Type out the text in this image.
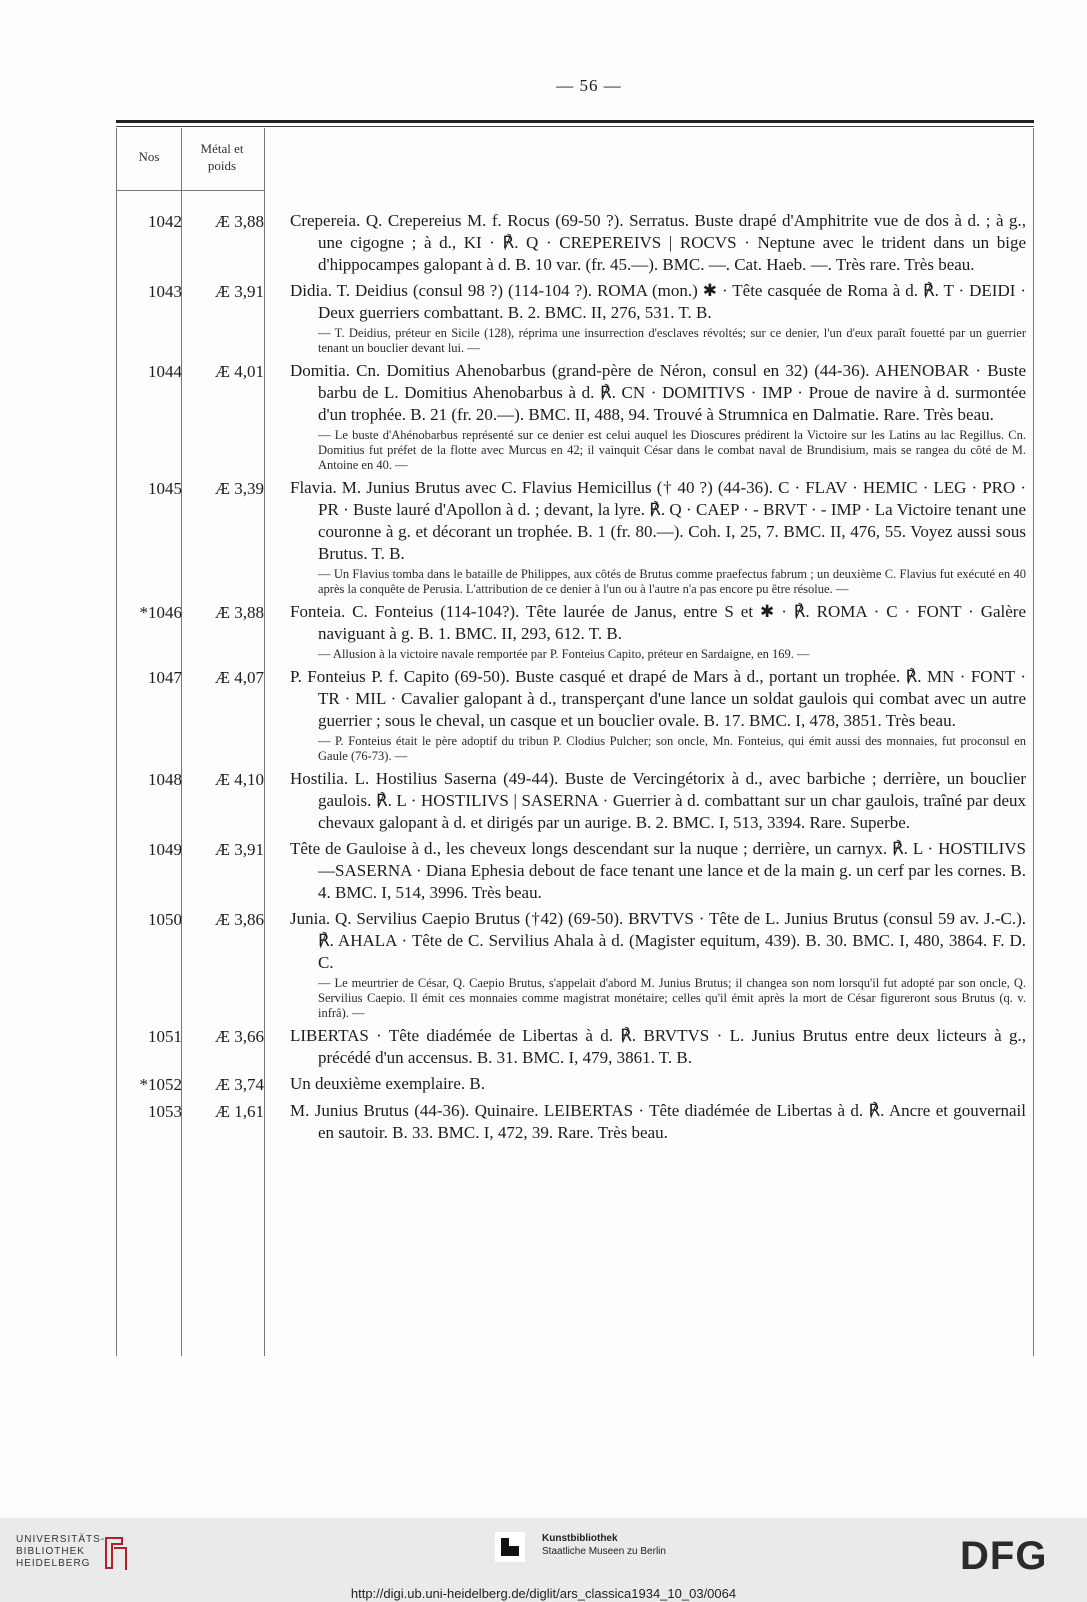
— 56 —
Nos
Métal et poids
1042	Æ 3,88	Crepereia. Q. Crepereius M. f. Rocus (69-50 ?). Serratus. Buste drapé d'Amphitrite vue de dos à d. ; à g., une cigogne ; à d., KI · ℟. Q · CREPEREIVS | ROCVS · Neptune avec le trident dans un bige d'hippocampes galopant à d. B. 10 var. (fr. 45.—). BMC. —. Cat. Haeb. —. Très rare. Très beau.
1043	Æ 3,91	Didia. T. Deidius (consul 98 ?) (114-104 ?). ROMA (mon.) ✱ · Tête casquée de Roma à d. ℟. T · DEIDI · Deux guerriers combattant. B. 2. BMC. II, 276, 531. T. B.
— T. Deidius, préteur en Sicile (128), réprima une insurrection d'esclaves révoltés; sur ce denier, l'un d'eux paraît fouetté par un guerrier tenant un bouclier devant lui. —
1044	Æ 4,01	Domitia. Cn. Domitius Ahenobarbus (grand-père de Néron, consul en 32) (44-36). AHENOBAR · Buste barbu de L. Domitius Ahenobarbus à d. ℟. CN · DOMITIVS · IMP · Proue de navire à d. surmontée d'un trophée. B. 21 (fr. 20.—). BMC. II, 488, 94. Trouvé à Strumnica en Dalmatie. Rare. Très beau.
— Le buste d'Ahénobarbus représenté sur ce denier est celui auquel les Dioscures prédirent la Victoire sur les Latins au lac Regillus. Cn. Domitius fut préfet de la flotte avec Murcus en 42; il vainquit César dans le combat naval de Brundisium, mais se rangea du côté de M. Antoine en 40. —
1045	Æ 3,39	Flavia. M. Junius Brutus avec C. Flavius Hemicillus († 40 ?) (44-36). C · FLAV · HEMIC · LEG · PRO · PR · Buste lauré d'Apollon à d. ; devant, la lyre. ℟. Q · CAEP · - BRVT · - IMP · La Victoire tenant une couronne à g. et décorant un trophée. B. 1 (fr. 80.—). Coh. I, 25, 7. BMC. II, 476, 55. Voyez aussi sous Brutus. T. B.
— Un Flavius tomba dans le bataille de Philippes, aux côtés de Brutus comme praefectus fabrum ; un deuxième C. Flavius fut exécuté en 40 après la conquête de Perusia. L'attribution de ce denier à l'un ou à l'autre n'a pas encore pu être résolue. —
*1046	Æ 3,88	Fonteia. C. Fonteius (114-104?). Tête laurée de Janus, entre S et ✱ · ℟. ROMA · C · FONT · Galère naviguant à g. B. 1. BMC. II, 293, 612. T. B.
— Allusion à la victoire navale remportée par P. Fonteius Capito, préteur en Sardaigne, en 169. —
1047	Æ 4,07	P. Fonteius P. f. Capito (69-50). Buste casqué et drapé de Mars à d., portant un trophée. ℟. MN · FONT · TR · MIL · Cavalier galopant à d., transperçant d'une lance un soldat gaulois qui combat avec un autre guerrier ; sous le cheval, un casque et un bouclier ovale. B. 17. BMC. I, 478, 3851. Très beau.
— P. Fonteius était le père adoptif du tribun P. Clodius Pulcher; son oncle, Mn. Fonteius, qui émit aussi des monnaies, fut proconsul en Gaule (76-73). —
1048	Æ 4,10	Hostilia. L. Hostilius Saserna (49-44). Buste de Vercingétorix à d., avec barbiche ; derrière, un bouclier gaulois. ℟. L · HOSTILIVS | SASERNA · Guerrier à d. combattant sur un char gaulois, traîné par deux chevaux galopant à d. et dirigés par un aurige. B. 2. BMC. I, 513, 3394. Rare. Superbe.
1049	Æ 3,91	Tête de Gauloise à d., les cheveux longs descendant sur la nuque ; derrière, un carnyx. ℟. L · HOSTILIVS—SASERNA · Diana Ephesia debout de face tenant une lance et de la main g. un cerf par les cornes. B. 4. BMC. I, 514, 3996. Très beau.
1050	Æ 3,86	Junia. Q. Servilius Caepio Brutus (†42) (69-50). BRVTVS · Tête de L. Junius Brutus (consul 59 av. J.-C.). ℟. AHALA · Tête de C. Servilius Ahala à d. (Magister equitum, 439). B. 30. BMC. I, 480, 3864. F. D. C.
— Le meurtrier de César, Q. Caepio Brutus, s'appelait d'abord M. Junius Brutus; il changea son nom lorsqu'il fut adopté par son oncle, Q. Servilius Caepio. Il émit ces monnaies comme magistrat monétaire; celles qu'il émit après la mort de César figureront sous Brutus (q. v. infrâ). —
1051	Æ 3,66	LIBERTAS · Tête diadémée de Libertas à d. ℟. BRVTVS · L. Junius Brutus entre deux licteurs à g., précédé d'un accensus. B. 31. BMC. I, 479, 3861. T. B.
*1052	Æ 3,74	Un deuxième exemplaire. B.
1053	Æ 1,61	M. Junius Brutus (44-36). Quinaire. LEIBERTAS · Tête diadémée de Libertas à d. ℟. Ancre et gouvernail en sautoir. B. 33. BMC. I, 472, 39. Rare. Très beau.
UNIVERSITÄTS-
BIBLIOTHEK
HEIDELBERG
Kunstbibliothek
Staatliche Museen zu Berlin	DFG
http://digi.ub.uni-heidelberg.de/diglit/ars_classica1934_10_03/0064
